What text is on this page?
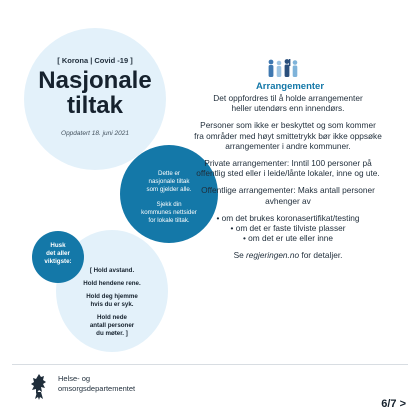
[ Korona | Covid -19 ]
Nasjonale
tiltak
Oppdatert 18. juni 2021
[ Hold avstand.
Hold hendene rene.
Hold deg hjemme
hvis du er syk.
Hold nede
antall personer
du møter. ]
Dette er
nasjonale tiltak
som gjelder alle.
Sjekk din
kommunes nettsider
for lokale tiltak.
Husk
det aller
viktigste:
Arrangementer

Det oppfordres til å holde arrangementer
heller utendørs enn innendørs.

Personer som ikke er beskyttet og som kommer
fra områder med høyt smittetrykk bør ikke oppsøke
arrangementer i andre kommuner.

Private arrangementer: Inntil 100 personer på
offentlig sted eller i leide/lånte lokaler, inne og ute.

Offentlige arrangementer: Maks antall personer
avhenger av

• om det brukes koronasertifikat/testing
• om det er faste tilviste plasser
• om det er ute eller inne

Se regjeringen.no for detaljer.

Helse- og
omsorgsdepartementet
6/7 >
